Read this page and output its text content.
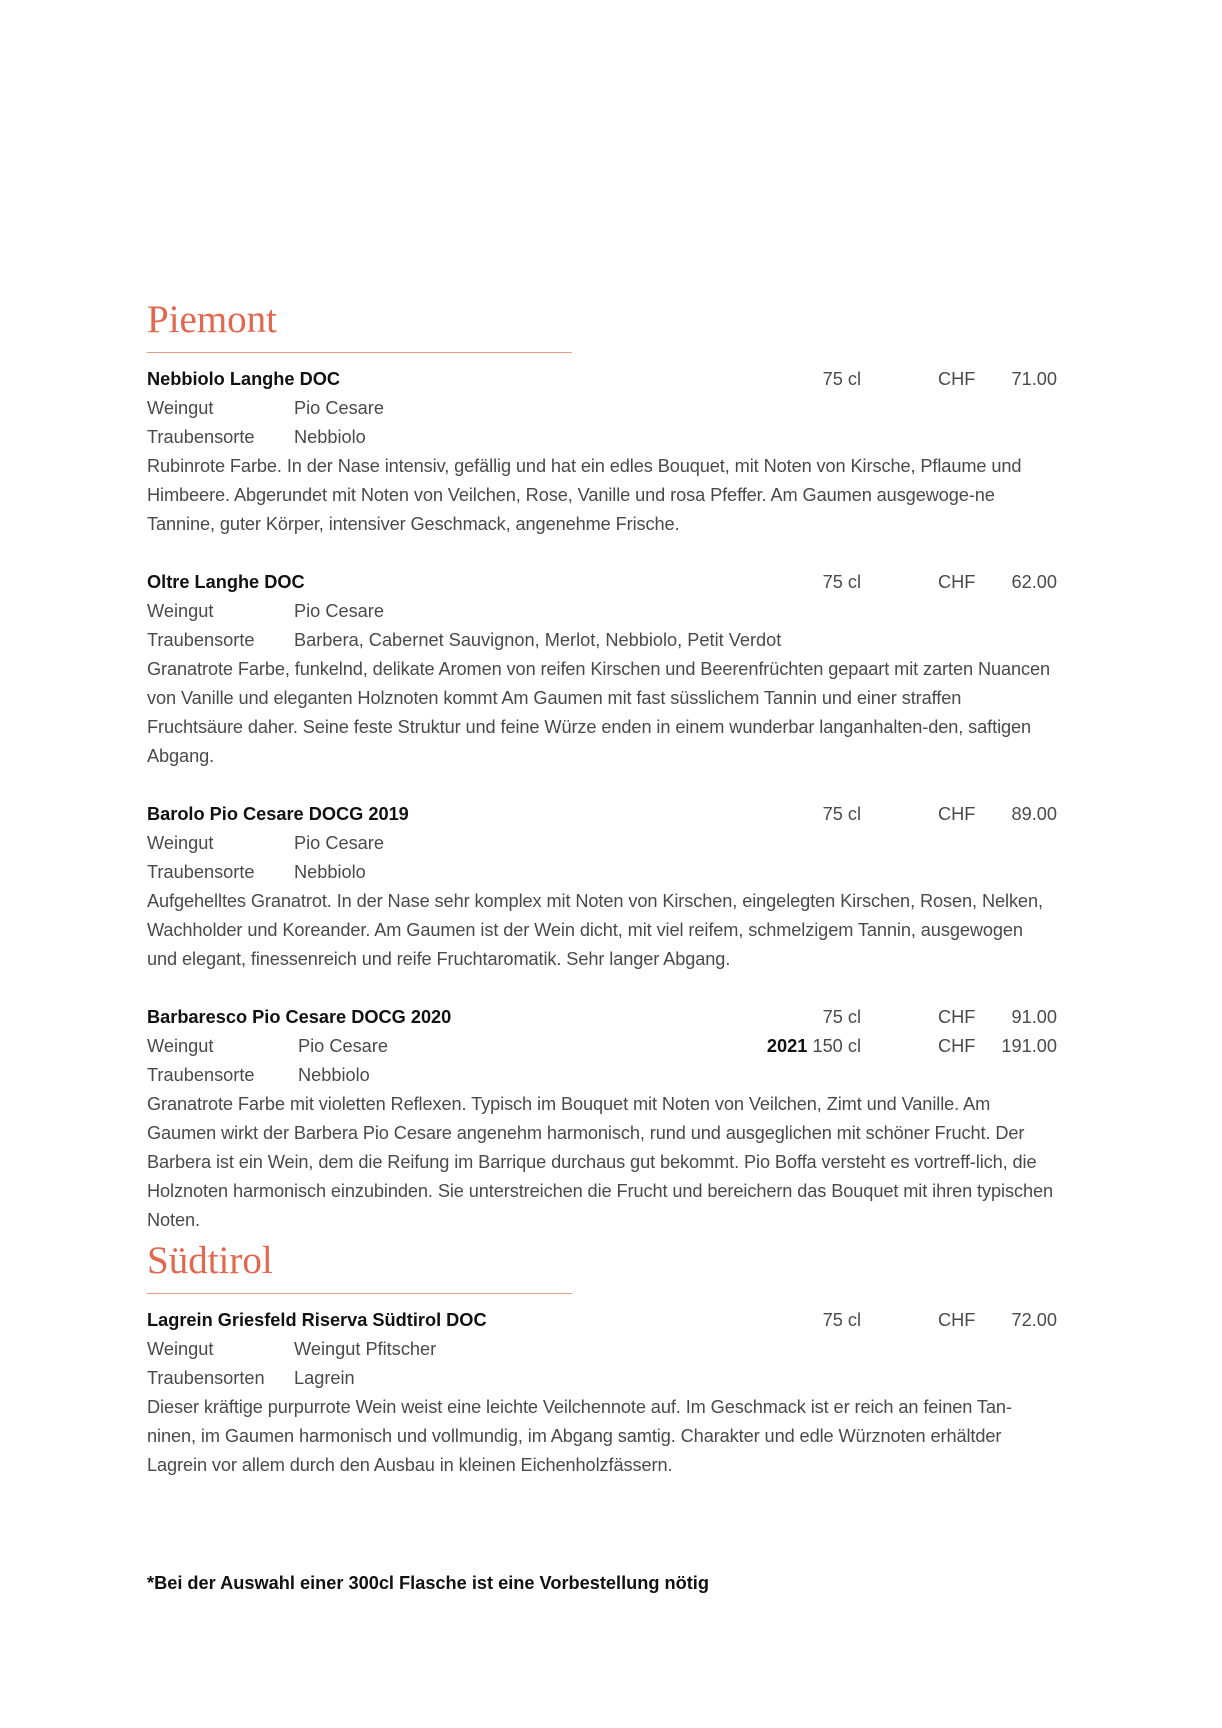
Piemont
Nebbiolo Langhe DOC	75 cl	CHF 71.00
Weingut	Pio Cesare
Traubensorte Nebbiolo

Rubinrote Farbe. In der Nase intensiv, gefällig und hat ein edles Bouquet, mit Noten von Kirsche, Pflaume und Himbeere. Abgerundet mit Noten von Veilchen, Rose, Vanille und rosa Pfeffer. Am Gaumen ausgewoge-ne Tannine, guter Körper, intensiver Geschmack, angenehme Frische.

Oltre Langhe DOC	75 cl	CHF 62.00
Weingut	Pio Cesare
Traubensorte Barbera, Cabernet Sauvignon, Merlot, Nebbiolo, Petit Verdot

Granatrote Farbe, funkelnd, delikate Aromen von reifen Kirschen und Beerenfrüchten gepaart mit zarten Nuancen von Vanille und eleganten Holznoten kommt Am Gaumen mit fast süsslichem Tannin und einer straffen Fruchtsäure daher. Seine feste Struktur und feine Würze enden in einem wunderbar langanhalten-den, saftigen Abgang.

Barolo Pio Cesare DOCG 2019	75 cl	CHF 89.00
Weingut	Pio Cesare
Traubensorte Nebbiolo

Aufgehelltes Granatrot. In der Nase sehr komplex mit Noten von Kirschen, eingelegten Kirschen, Rosen, Nelken, Wachholder und Koreander. Am Gaumen ist der Wein dicht, mit viel reifem, schmelzigem Tannin, ausgewogen und elegant, finessenreich und reife Fruchtaromatik. Sehr langer Abgang.

Barbaresco Pio Cesare DOCG 2020	75 cl	CHF 91.00
Weingut	Pio Cesare	2021 150 cl	CHF 191.00
Traubensorte Nebbiolo

Granatrote Farbe mit violetten Reflexen. Typisch im Bouquet mit Noten von Veilchen, Zimt und Vanille. Am Gaumen wirkt der Barbera Pio Cesare angenehm harmonisch, rund und ausgeglichen mit schöner Frucht. Der Barbera ist ein Wein, dem die Reifung im Barrique durchaus gut bekommt. Pio Boffa versteht es vortreff-lich, die Holznoten harmonisch einzubinden. Sie unterstreichen die Frucht und bereichern das Bouquet mit ihren typischen Noten.

Südtirol
Lagrein Griesfeld Riserva Südtirol DOC	75 cl	CHF 72.00
Weingut	Weingut Pfitscher
Traubensorten Lagrein

Dieser kräftige purpurrote Wein weist eine leichte Veilchennote auf. Im Geschmack ist er reich an feinen Tan-ninen, im Gaumen harmonisch und vollmundig, im Abgang samtig. Charakter und edle Würznoten erhältder Lagrein vor allem durch den Ausbau in kleinen Eichenholzfässern.

*Bei der Auswahl einer 300cl Flasche ist eine Vorbestellung nötig
